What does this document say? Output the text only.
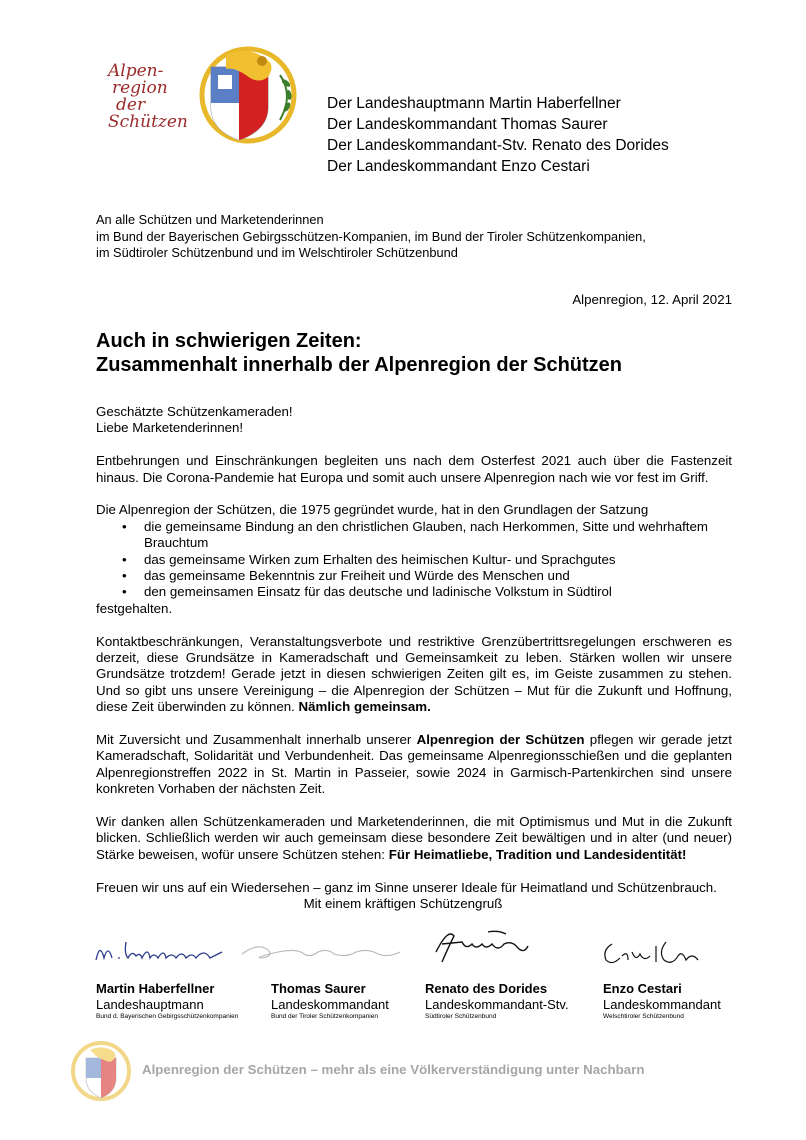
Alpen-
region
der
Schützen
Der Landeshauptmann Martin Haberfellner
Der Landeskommandant Thomas Saurer
Der Landeskommandant-Stv. Renato des Dorides
Der Landeskommandant Enzo Cestari
An alle Schützen und Marketenderinnen
im Bund der Bayerischen Gebirgsschützen-Kompanien, im Bund der Tiroler Schützenkompanien,
im Südtiroler Schützenbund und im Welschtiroler Schützenbund
Alpenregion, 12. April 2021
Auch in schwierigen Zeiten:
Zusammenhalt innerhalb der Alpenregion der Schützen

Geschätzte Schützenkameraden!
Liebe Marketenderinnen!

Entbehrungen und Einschränkungen begleiten uns nach dem Osterfest 2021 auch über die Fastenzeit hinaus. Die Corona-Pandemie hat Europa und somit auch unsere Alpenregion nach wie vor fest im Griff.

Die Alpenregion der Schützen, die 1975 gegründet wurde, hat in den Grundlagen der Satzung
• die gemeinsame Bindung an den christlichen Glauben, nach Herkommen, Sitte und wehrhaftem Brauchtum
• das gemeinsame Wirken zum Erhalten des heimischen Kultur- und Sprachgutes
• das gemeinsame Bekenntnis zur Freiheit und Würde des Menschen und
• den gemeinsamen Einsatz für das deutsche und ladinische Volkstum in Südtirol
festgehalten.

Kontaktbeschränkungen, Veranstaltungsverbote und restriktive Grenzübertrittsregelungen erschweren es derzeit, diese Grundsätze in Kameradschaft und Gemeinsamkeit zu leben. Stärken wollen wir unsere Grundsätze trotzdem! Gerade jetzt in diesen schwierigen Zeiten gilt es, im Geiste zusammen zu stehen. Und so gibt uns unsere Vereinigung – die Alpenregion der Schützen – Mut für die Zukunft und Hoffnung, diese Zeit überwinden zu können. Nämlich gemeinsam.

Mit Zuversicht und Zusammenhalt innerhalb unserer Alpenregion der Schützen pflegen wir gerade jetzt Kameradschaft, Solidarität und Verbundenheit. Das gemeinsame Alpenregionsschießen und die geplanten Alpenregionstreffen 2022 in St. Martin in Passeier, sowie 2024 in Garmisch-Partenkirchen sind unsere konkreten Vorhaben der nächsten Zeit.

Wir danken allen Schützenkameraden und Marketenderinnen, die mit Optimismus und Mut in die Zukunft blicken. Schließlich werden wir auch gemeinsam diese besondere Zeit bewältigen und in alter (und neuer) Stärke beweisen, wofür unsere Schützen stehen: Für Heimatliebe, Tradition und Landesidentität!

Freuen wir uns auf ein Wiedersehen – ganz im Sinne unserer Ideale für Heimatland und Schützenbrauch.

Mit einem kräftigen Schützengruß
Martin Haberfellner
Landeshauptmann
Bund d. Bayerischen Gebirgsschützenkompanien
Thomas Saurer
Landeskommandant
Bund der Tiroler Schützenkompanien
Renato des Dorides
Landeskommandant-Stv.
Südtiroler Schützenbund
Enzo Cestari
Landeskommandant
Welschtiroler Schützenbund
Alpenregion der Schützen – mehr als eine Völkerverständigung unter Nachbarn
